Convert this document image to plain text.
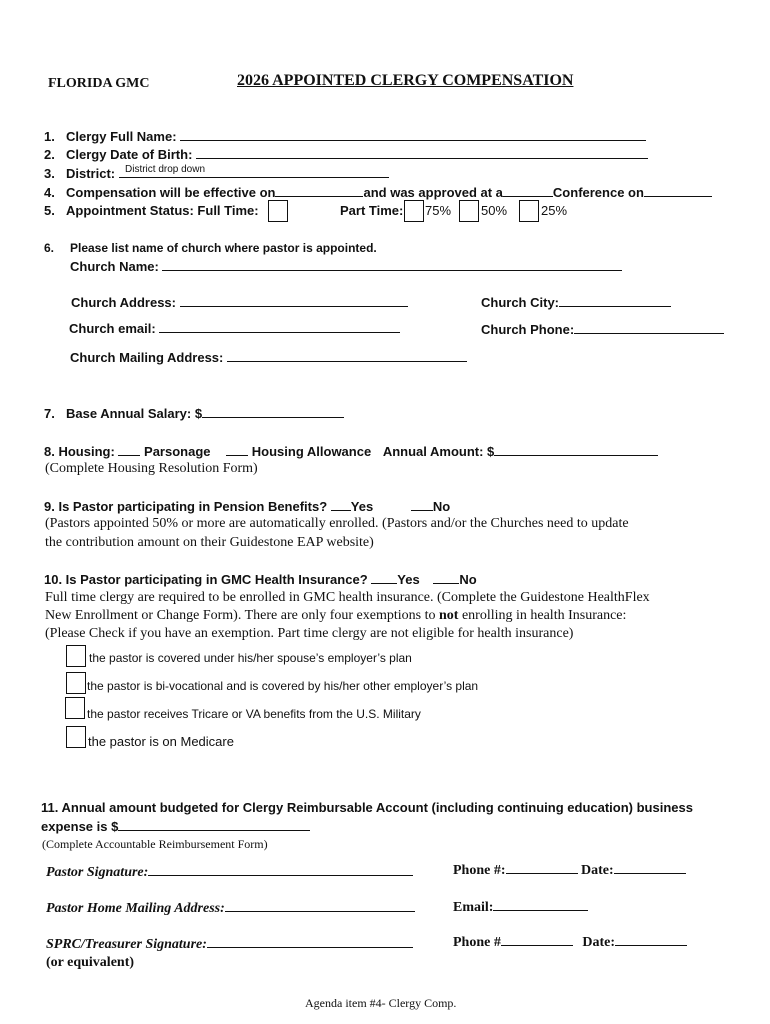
FLORIDA GMC	2026 APPOINTED CLERGY COMPENSATION
1. Clergy Full Name:
2. Clergy Date of Birth:
3. District: District drop down
4. Compensation will be effective on	and was approved at a	Conference on
5. Appointment Status: Full Time:	Part Time: 75% 50%	25%
6. Please list name of church where pastor is appointed.
Church Name:
Church Address:	Church City:
Church email:	Church Phone:
Church Mailing Address:
7. Base Annual Salary: $
8. Housing: Parsonage	Housing Allowance Annual Amount: $
(Complete Housing Resolution Form)
9. Is Pastor participating in Pension Benefits? Yes	No
(Pastors appointed 50% or more are automatically enrolled. (Pastors and/or the Churches need to update
the contribution amount on their Guidestone EAP website)
10. Is Pastor participating in GMC Health Insurance? Yes	No
Full time clergy are required to be enrolled in GMC health insurance. (Complete the Guidestone HealthFlex
New Enrollment or Change Form). There are only four exemptions to not enrolling in health Insurance:
(Please Check if you have an exemption. Part time clergy are not eligible for health insurance)
the pastor is covered under his/her spouse’s employer’s plan
the pastor is bi-vocational and is covered by his/her other employer’s plan
the pastor receives Tricare or VA benefits from the U.S. Military
the pastor is on Medicare
11. Annual amount budgeted for Clergy Reimbursable Account (including continuing education) business
expense is $
(Complete Accountable Reimbursement Form)
Pastor Signature:	Phone #:	Date:
Pastor Home Mailing Address:	Email:
SPRC/Treasurer Signature:	Phone #	Date:
(or equivalent)
Agenda item #4- Clergy Comp.
